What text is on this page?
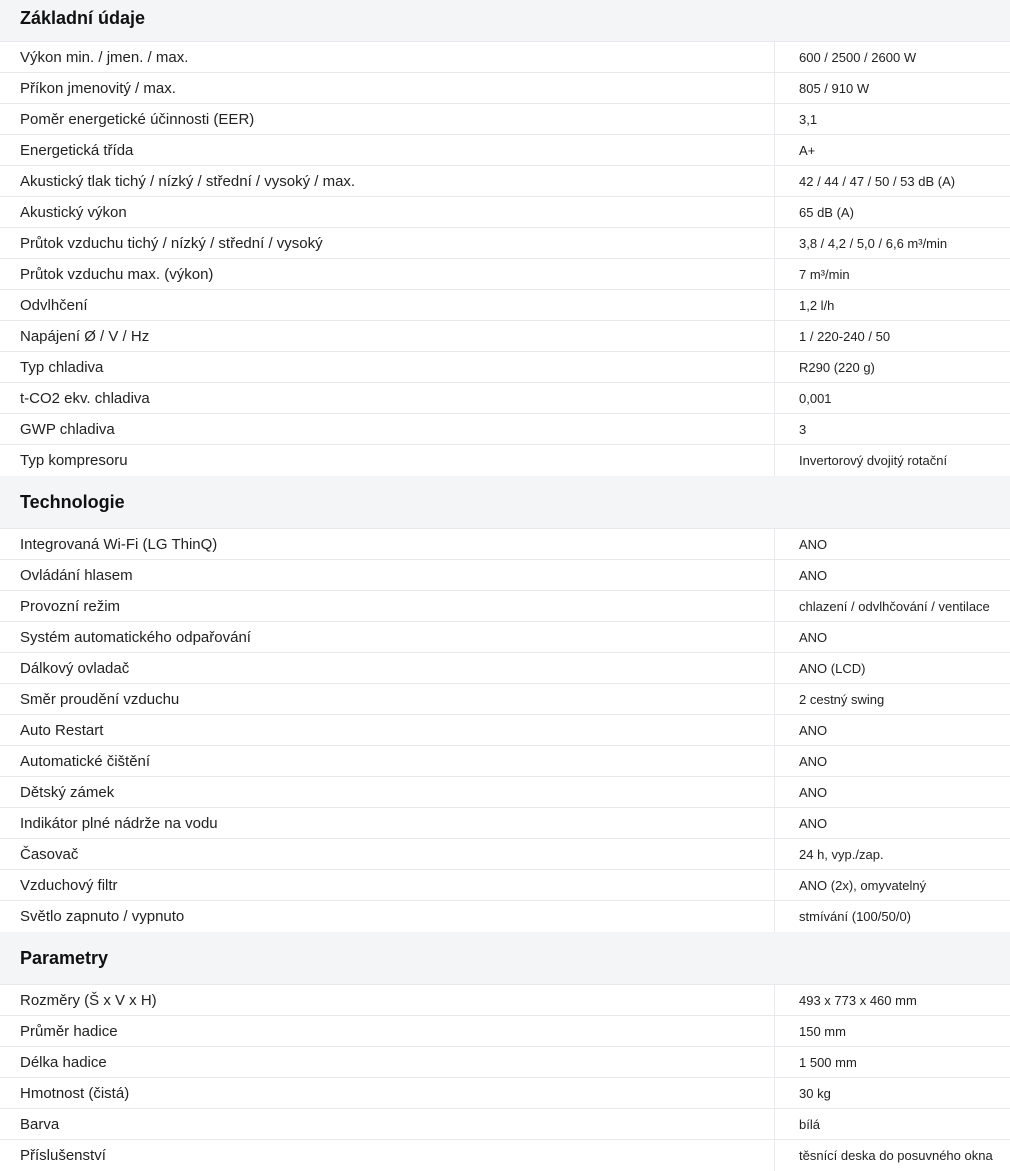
Základní údaje
Výkon min. / jmen. / max.	600 / 2500 / 2600 W
Příkon jmenovitý / max.	805 / 910 W
Poměr energetické účinnosti (EER)	3,1
Energetická třída	A+
Akustický tlak tichý / nízký / střední / vysoký / max.	42 / 44 / 47 / 50 / 53 dB (A)
Akustický výkon	65 dB (A)
Průtok vzduchu tichý / nízký / střední / vysoký	3,8 / 4,2 / 5,0 / 6,6 m³/min
Průtok vzduchu max. (výkon)	7 m³/min
Odvlhčení	1,2 l/h
Napájení Ø / V / Hz	1 / 220-240 / 50
Typ chladiva	R290 (220 g)
t-CO2 ekv. chladiva	0,001
GWP chladiva	3
Typ kompresoru	Invertorový dvojitý rotační
Technologie
Integrovaná Wi-Fi (LG ThinQ)	ANO
Ovládání hlasem	ANO
Provozní režim	chlazení / odvlhčování / ventilace
Systém automatického odpařování	ANO
Dálkový ovladač	ANO (LCD)
Směr proudění vzduchu	2 cestný swing
Auto Restart	ANO
Automatické čištění	ANO
Dětský zámek	ANO
Indikátor plné nádrže na vodu	ANO
Časovač	24 h, vyp./zap.
Vzduchový filtr	ANO (2x), omyvatelný
Světlo zapnuto / vypnuto	stmívání (100/50/0)
Parametry
Rozměry (Š x V x H)	493 x 773 x 460 mm
Průměr hadice	150 mm
Délka hadice	1 500 mm
Hmotnost (čistá)	30 kg
Barva	bílá
Příslušenství	těsnící deska do posuvného okna
